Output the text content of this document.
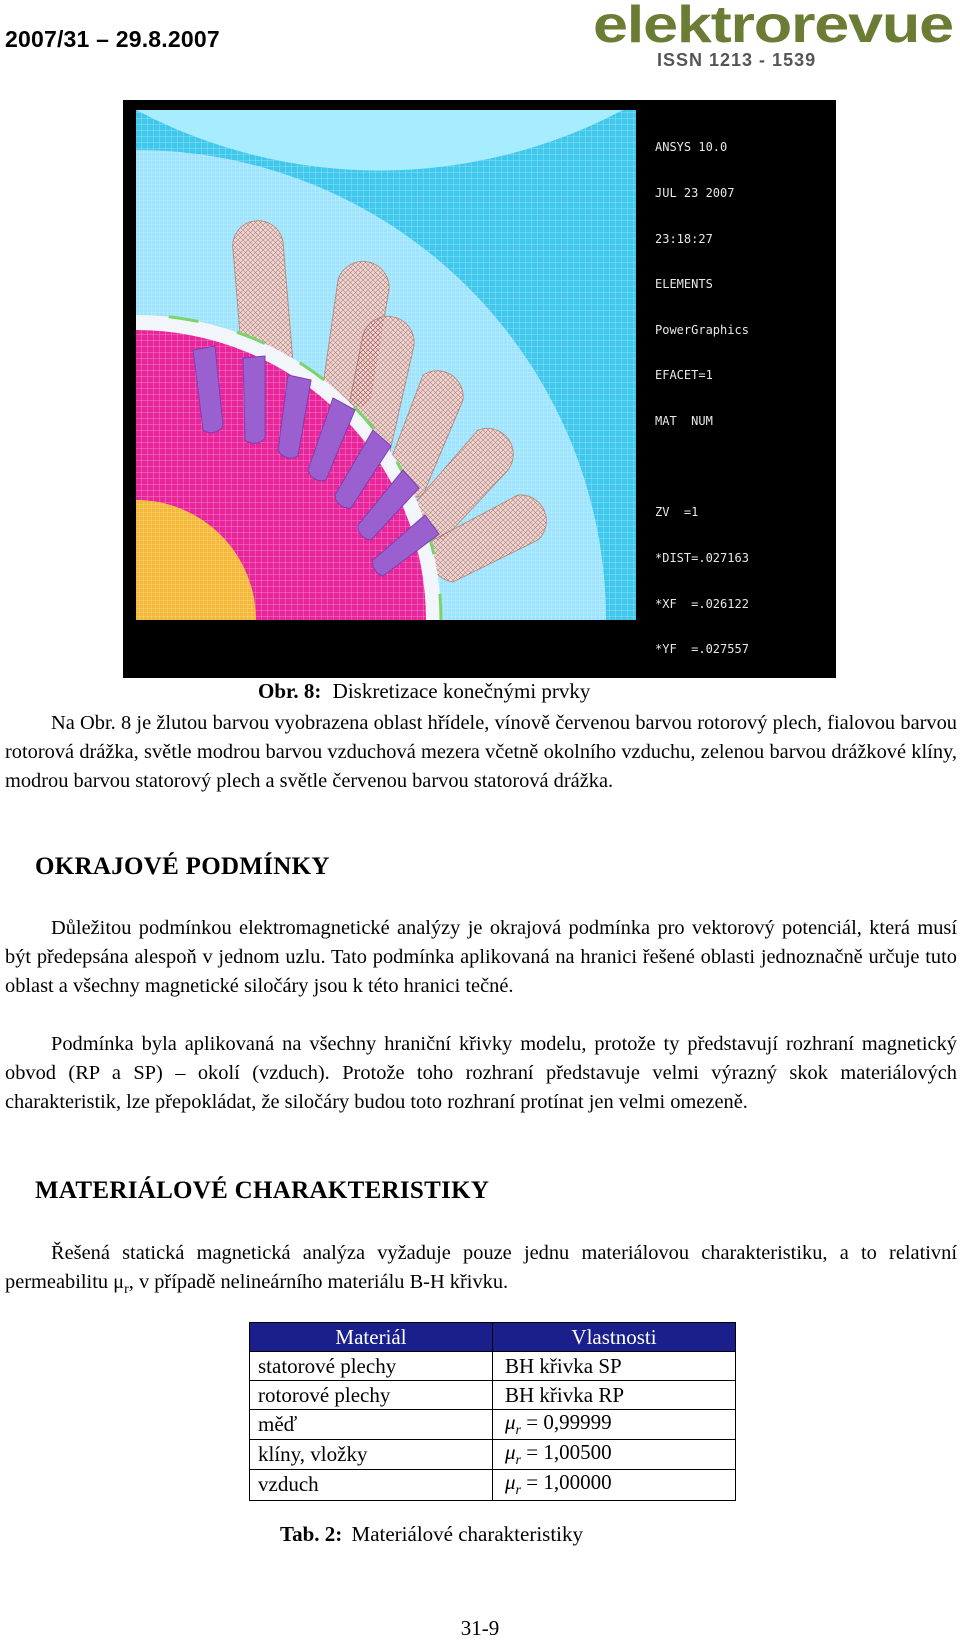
2007/31 – 29.8.2007	elektrorevue
ISSN 1213 - 1539

ANSYS 10.0

JUL 23 2007

23:18:27

ELEMENTS

PowerGraphics

EFACET=1

MAT  NUM

ZV  =1

*DIST=.027163

*XF  =.026122

*YF  =.027557

Obr. 8: Diskretizace konečnými prvky

Na Obr. 8 je žlutou barvou vyobrazena oblast hřídele, vínově červenou barvou rotorový plech, fialovou barvou rotorová drážka, světle modrou barvou vzduchová mezera včetně okolního vzduchu, zelenou barvou drážkové klíny, modrou barvou statorový plech a světle červenou barvou statorová drážka.

OKRAJOVÉ PODMÍNKY

Důležitou podmínkou elektromagnetické analýzy je okrajová podmínka pro vektorový potenciál, která musí být předepsána alespoň v jednom uzlu. Tato podmínka aplikovaná na hranici řešené oblasti jednoznačně určuje tuto oblast a všechny magnetické siločáry jsou k této hranici tečné.

Podmínka byla aplikovaná na všechny hraniční křivky modelu, protože ty představují rozhraní magnetický obvod (RP a SP) – okolí (vzduch). Protože toho rozhraní představuje velmi výrazný skok materiálových charakteristik, lze přepokládat, že siločáry budou toto rozhraní protínat jen velmi omezeně.

MATERIÁLOVÉ CHARAKTERISTIKY

Řešená statická magnetická analýza vyžaduje pouze jednu materiálovou charakteristiku, a to relativní permeabilitu $\mu_r$, v případě nelineárního materiálu B-H křivku.

Materiál	Vlastnosti
statorové plechy	BH křivka SP
rotorové plechy	BH křivka RP
měď	$\mu_r = 0,99999$
klíny, vložky	$\mu_r = 1,00500$
vzduch	$\mu_r = 1,00000$
Tab. 2: Materiálové charakteristiky
31-9
